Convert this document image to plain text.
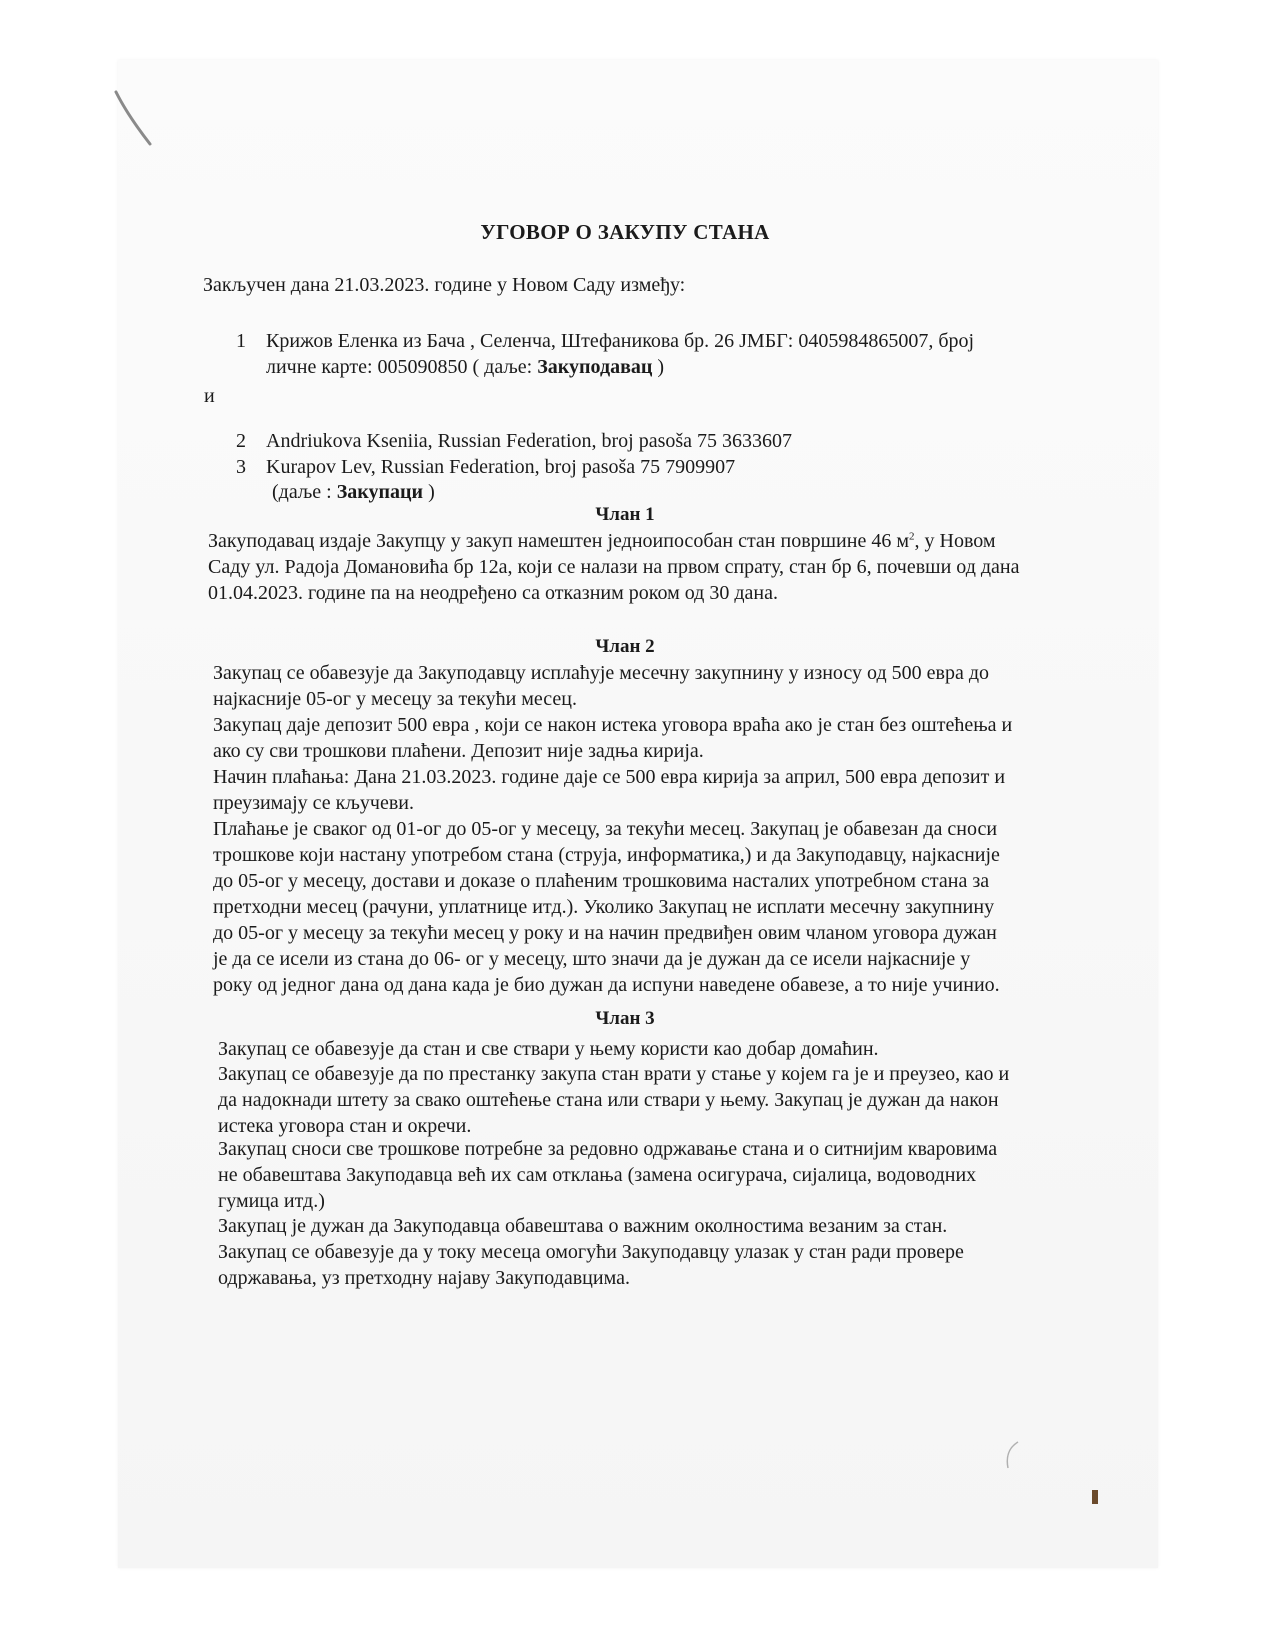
УГОВОР О ЗАКУПУ СТАНА
Закључен дана 21.03.2023. године у Новом Саду између:
1 Крижов Еленка из Бача , Селенча, Штефаникова бр. 26 ЈМБГ: 0405984865007, број
личне карте: 005090850 ( даље: Закуподавац )
и
2 Andriukova Kseniia, Russian Federation, broj pasoša 75 3633607
3 Kurapov Lev, Russian Federation, broj pasoša 75 7909907
(даље : Закупаци )
Члан 1

Закуподавац издаје Закупцу у закуп намештен једноипособан стан површине 46 $м^2$, у Новом Саду ул. Радоја Домановића бр 12а, који се налази на првом спрату, стан бр 6, почевши од дана 01.04.2023. године па на неодређено са отказним роком од 30 дана.

Члан 2

Закупац се обавезује да Закуподавцу исплаћује месечну закупнину у износу од 500 евра до најкасније 05-ог у месецу за текући месец.

Закупац даје депозит 500 евра , који се након истека уговора враћа ако је стан без оштећења и ако су сви трошкови плаћени. Депозит није задња кирија.

Начин плаћања: Дана 21.03.2023. године даје се 500 евра кирија за април, 500 евра депозит и преузимају се кључеви.

Плаћање је сваког од 01-ог до 05-ог у месецу, за текући месец. Закупац је обавезан да сноси трошкове који настану употребом стана (струја, информатика,) и да Закуподавцу, најкасније до 05-ог у месецу, достави и доказе о плаћеним трошковима насталих употребном стана за претходни месец (рачуни, уплатнице итд.). Уколико Закупац не исплати месечну закупнину до 05-ог у месецу за текући месец у року и на начин предвиђен овим чланом уговора дужан је да се исели из стана до 06- ог у месецу, што значи да је дужан да се исели најкасније у року од једног дана од дана када је био дужан да испуни наведене обавезе, а то није учинио.

Члан 3

Закупац се обавезује да стан и све ствари у њему користи као добар домаћин.

Закупац се обавезује да по престанку закупа стан врати у стање у којем га је и преузео, као и да надокнади штету за свако оштећење стана или ствари у њему. Закупац је дужан да након истека уговора стан и окречи.

Закупац сноси све трошкове потребне за редовно одржавање стана и о ситнијим кваровима не обавештава Закуподавца већ их сам отклања (замена осигурача, сијалица, водоводних гумица итд.)

Закупац је дужан да Закуподавца обавештава о важним околностима везаним за стан.

Закупац се обавезује да у току месеца омогући Закуподавцу улазак у стан ради провере одржавања, уз претходну најаву Закуподавцима.
